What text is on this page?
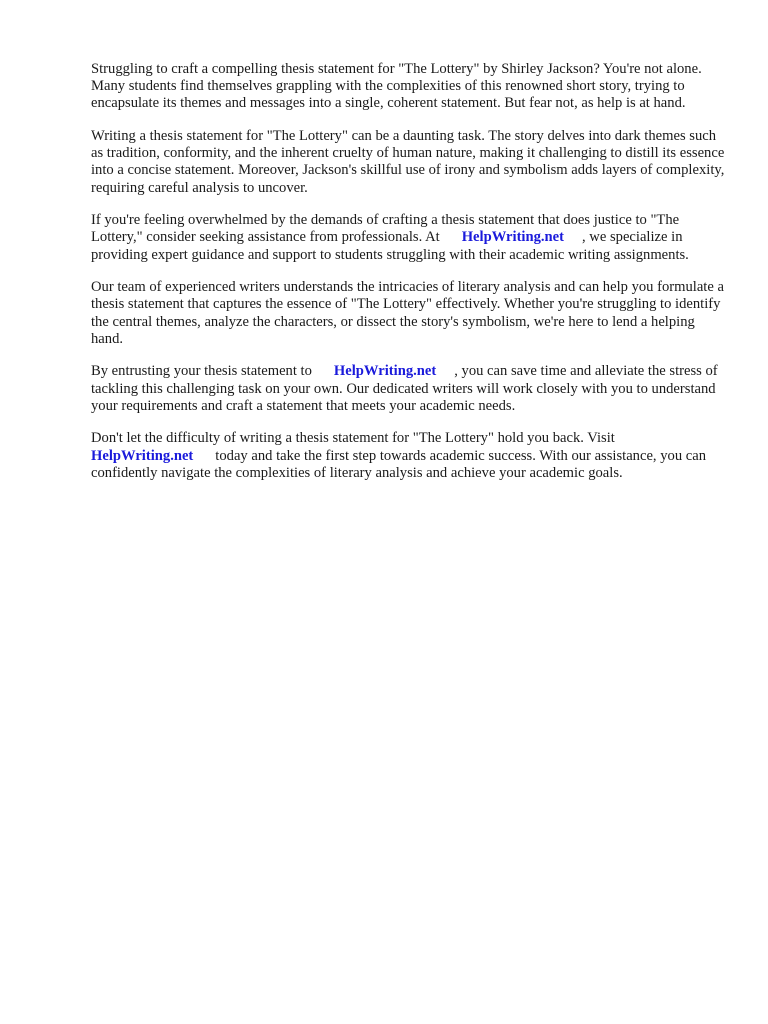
Struggling to craft a compelling thesis statement for "The Lottery" by Shirley Jackson? You're not alone. Many students find themselves grappling with the complexities of this renowned short story, trying to encapsulate its themes and messages into a single, coherent statement. But fear not, as help is at hand.

Writing a thesis statement for "The Lottery" can be a daunting task. The story delves into dark themes such as tradition, conformity, and the inherent cruelty of human nature, making it challenging to distill its essence into a concise statement. Moreover, Jackson's skillful use of irony and symbolism adds layers of complexity, requiring careful analysis to uncover.

If you're feeling overwhelmed by the demands of crafting a thesis statement that does justice to "The Lottery," consider seeking assistance from professionals. At HelpWriting.net , we specialize in providing expert guidance and support to students struggling with their academic writing assignments.

Our team of experienced writers understands the intricacies of literary analysis and can help you formulate a thesis statement that captures the essence of "The Lottery" effectively. Whether you're struggling to identify the central themes, analyze the characters, or dissect the story's symbolism, we're here to lend a helping hand.

By entrusting your thesis statement to HelpWriting.net , you can save time and alleviate the stress of tackling this challenging task on your own. Our dedicated writers will work closely with you to understand your requirements and craft a statement that meets your academic needs.

Don't let the difficulty of writing a thesis statement for "The Lottery" hold you back. Visit HelpWriting.net today and take the first step towards academic success. With our assistance, you can confidently navigate the complexities of literary analysis and achieve your academic goals.
